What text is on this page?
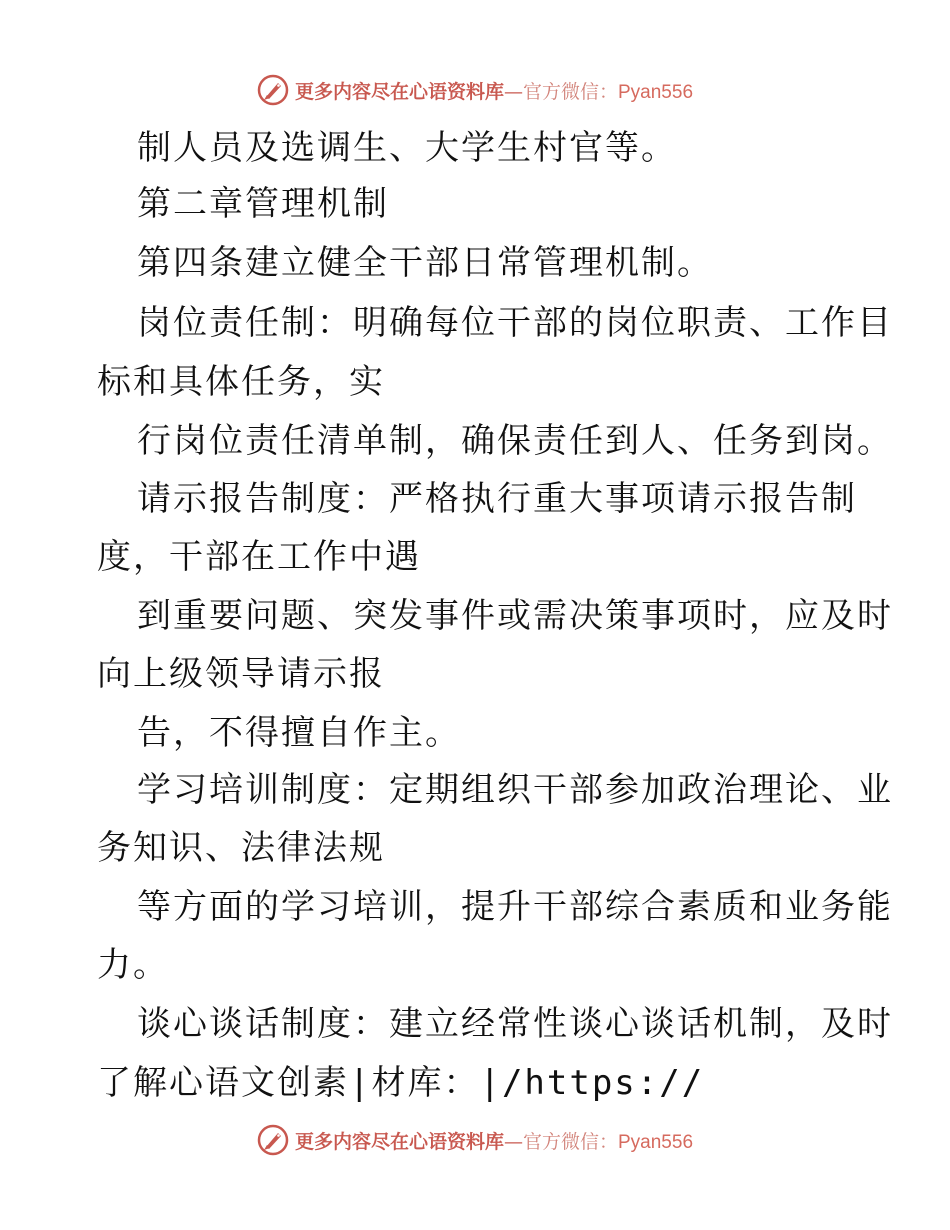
更多内容尽在心语资料库—官方微信：Pyan556
制人员及选调生、大学生村官等。
第二章管理机制
第四条建立健全干部日常管理机制。
岗位责任制：明确每位干部的岗位职责、工作目
标和具体任务，实
行岗位责任清单制，确保责任到人、任务到岗。
请示报告制度：严格执行重大事项请示报告制
度，干部在工作中遇
到重要问题、突发事件或需决策事项时，应及时
向上级领导请示报
告，不得擅自作主。
学习培训制度：定期组织干部参加政治理论、业
务知识、法律法规
等方面的学习培训，提升干部综合素质和业务能
力。
谈心谈话制度：建立经常性谈心谈话机制，及时
了解心语文创素|材库：|/https://
更多内容尽在心语资料库—官方微信：Pyan556
